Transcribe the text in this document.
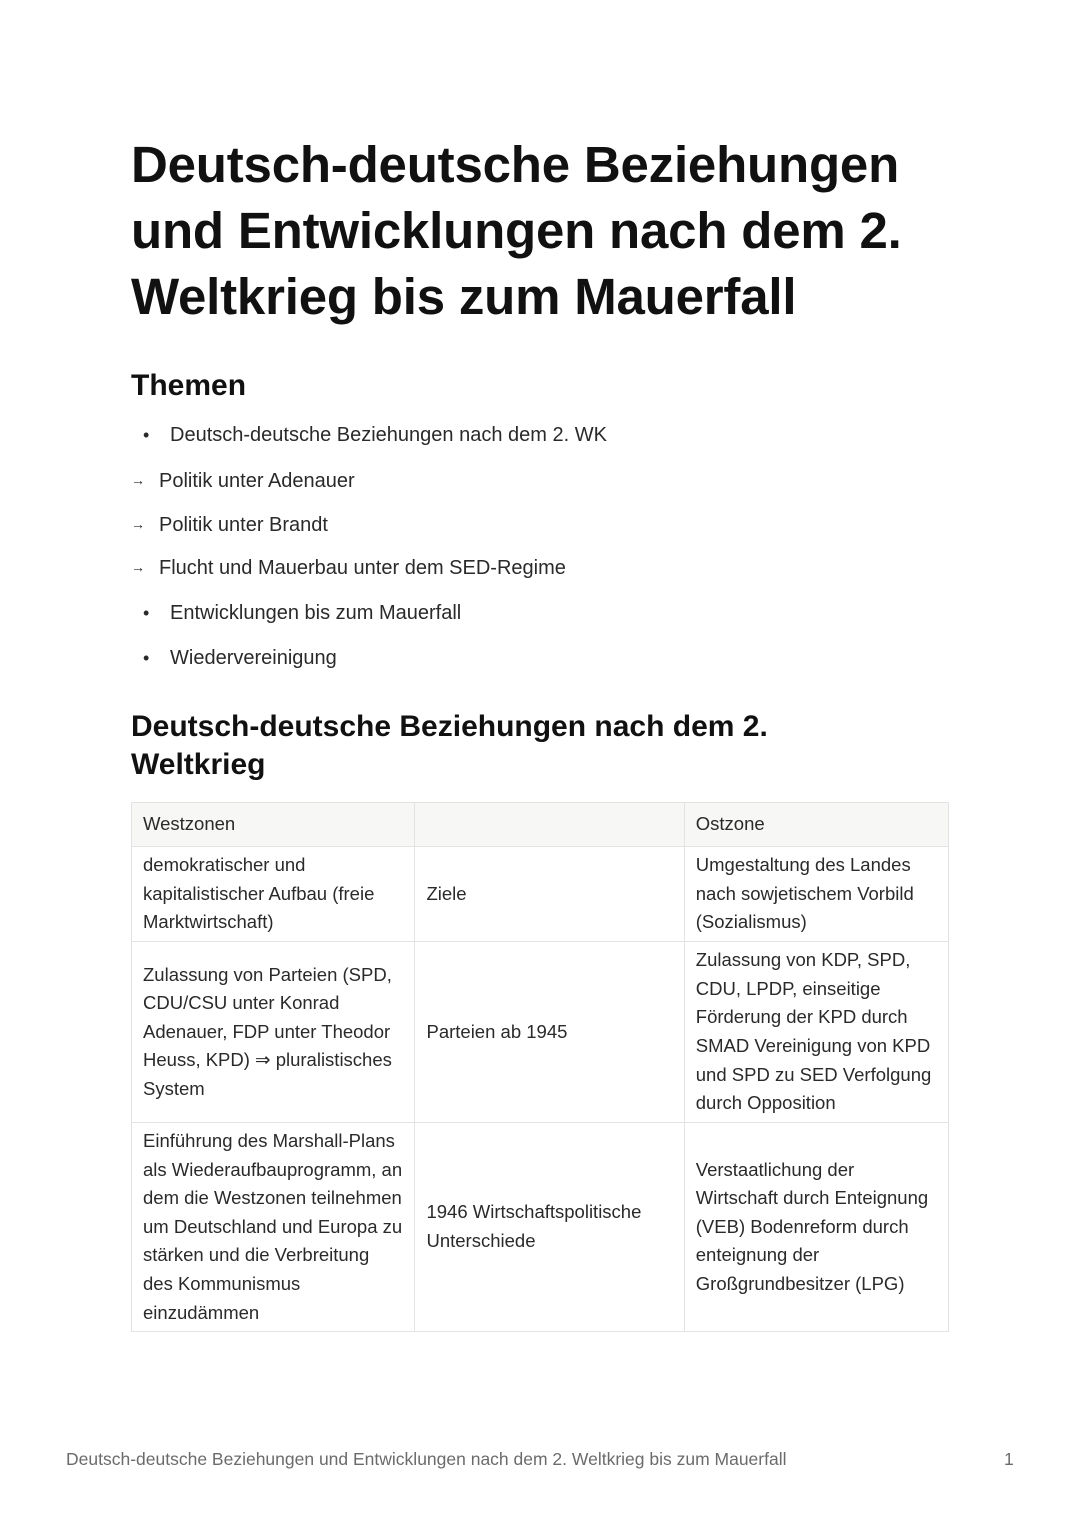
Deutsch-deutsche Beziehungen und Entwicklungen nach dem 2. Weltkrieg bis zum Mauerfall
Themen
• Deutsch-deutsche Beziehungen nach dem 2. WK
→ Politik unter Adenauer
→ Politik unter Brandt
→ Flucht und Mauerbau unter dem SED-Regime
• Entwicklungen bis zum Mauerfall
• Wiedervereinigung
Deutsch-deutsche Beziehungen nach dem 2. Weltkrieg
Westzonen		Ostzone
demokratischer und kapitalistischer Aufbau (freie Marktwirtschaft)	Ziele	Umgestaltung des Landes nach sowjetischem Vorbild (Sozialismus)
Zulassung von Parteien (SPD, CDU/CSU unter Konrad Adenauer, FDP unter Theodor Heuss, KPD) ⇒ pluralistisches System	Parteien ab 1945	Zulassung von KDP, SPD, CDU, LPDP, einseitige Förderung der KPD durch SMAD Vereinigung von KPD und SPD zu SED Verfolgung durch Opposition
Einführung des Marshall-Plans als Wiederaufbauprogramm, an dem die Westzonen teilnehmen um Deutschland und Europa zu stärken und die Verbreitung des Kommunismus einzudämmen	1946 Wirtschaftspolitische Unterschiede	Verstaatlichung der Wirtschaft durch Enteignung (VEB) Bodenreform durch enteignung der Großgrundbesitzer (LPG)
Deutsch-deutsche Beziehungen und Entwicklungen nach dem 2. Weltkrieg bis zum Mauerfall	1
